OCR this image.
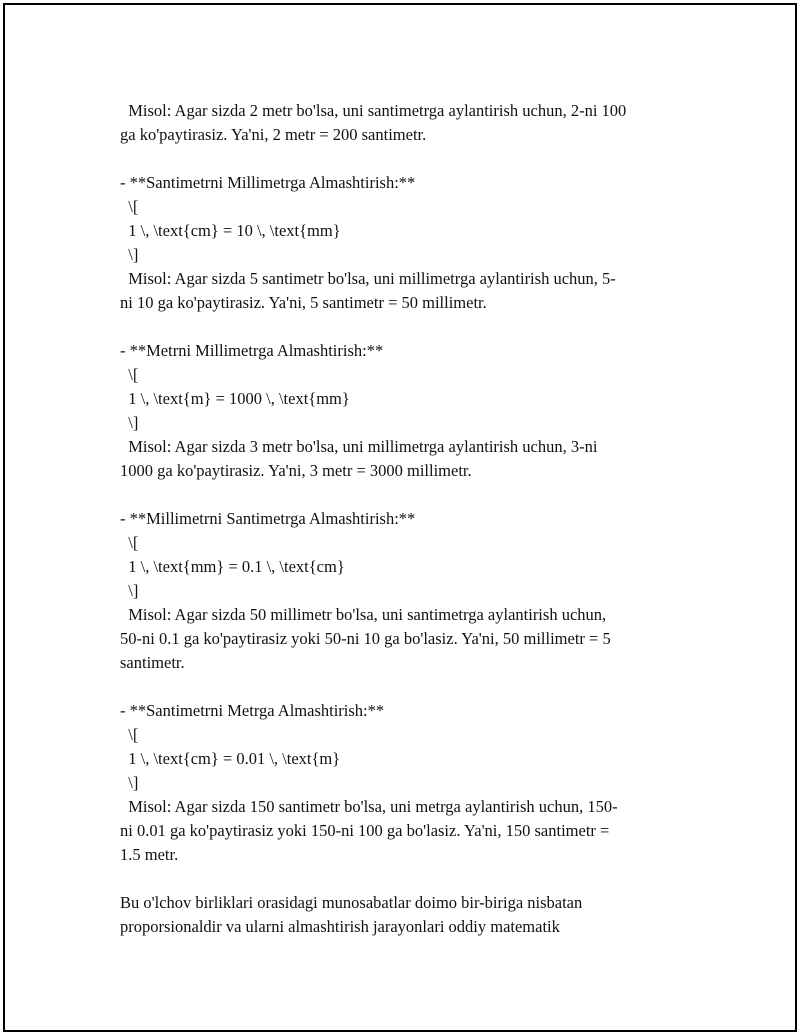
Misol: Agar sizda 2 metr bo'lsa, uni santimetrga aylantirish uchun, 2-ni 100
ga ko'paytirasiz. Ya'ni, 2 metr = 200 santimetr.
- **Santimetrni Millimetrga Almashtirish:**
\[
1 \, \text{cm} = 10 \, \text{mm}
\]
Misol: Agar sizda 5 santimetr bo'lsa, uni millimetrga aylantirish uchun, 5-
ni 10 ga ko'paytirasiz. Ya'ni, 5 santimetr = 50 millimetr.
- **Metrni Millimetrga Almashtirish:**
\[
1 \, \text{m} = 1000 \, \text{mm}
\]
Misol: Agar sizda 3 metr bo'lsa, uni millimetrga aylantirish uchun, 3-ni
1000 ga ko'paytirasiz. Ya'ni, 3 metr = 3000 millimetr.
- **Millimetrni Santimetrga Almashtirish:**
\[
1 \, \text{mm} = 0.1 \, \text{cm}
\]
Misol: Agar sizda 50 millimetr bo'lsa, uni santimetrga aylantirish uchun,
50-ni 0.1 ga ko'paytirasiz yoki 50-ni 10 ga bo'lasiz. Ya'ni, 50 millimetr = 5
santimetr.
- **Santimetrni Metrga Almashtirish:**
\[
1 \, \text{cm} = 0.01 \, \text{m}
\]
Misol: Agar sizda 150 santimetr bo'lsa, uni metrga aylantirish uchun, 150-
ni 0.01 ga ko'paytirasiz yoki 150-ni 100 ga bo'lasiz. Ya'ni, 150 santimetr =
1.5 metr.
Bu o'lchov birliklari orasidagi munosabatlar doimo bir-biriga nisbatan
proporsionaldir va ularni almashtirish jarayonlari oddiy matematik
